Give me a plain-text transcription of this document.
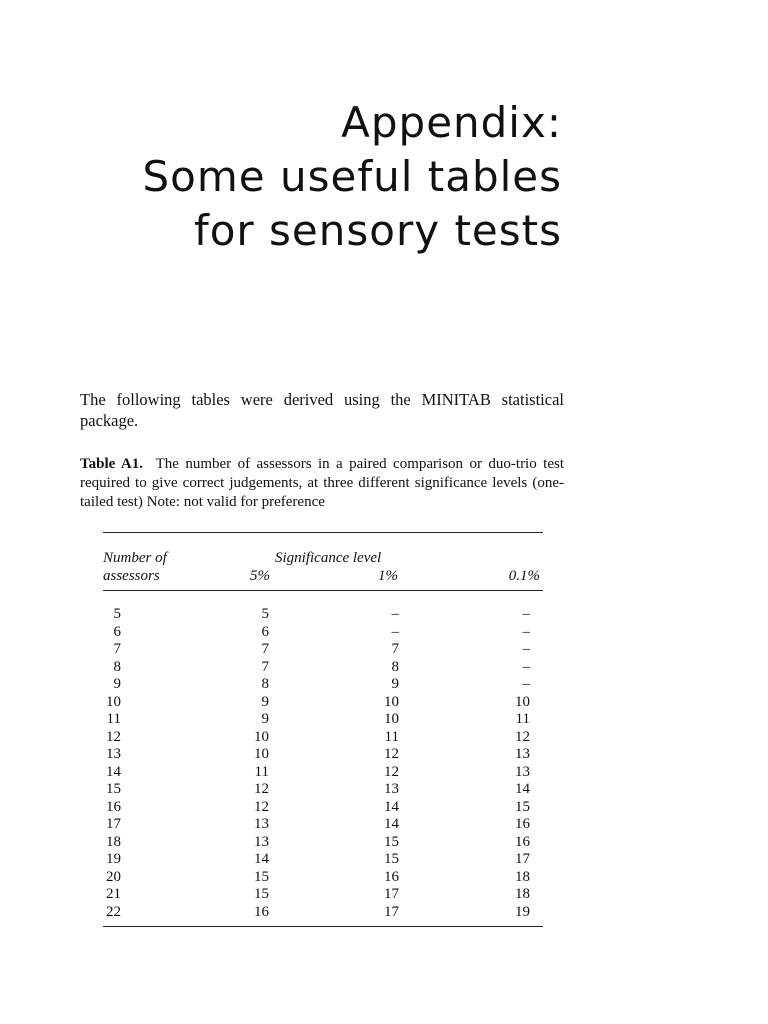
Appendix:
Some useful tables
for sensory tests

The following tables were derived using the MINITAB statistical package.

Table A1. The number of assessors in a paired comparison or duo-trio test required to give correct judgements, at three different significance levels (one-tailed test) Note: not valid for preference

Number of
assessors
Significance level
5%	1%	0.1%
5	5	–	–
6	6	–	–
7	7	7	–
8	7	8	–
9	8	9	–
10	9	10	10
11	9	10	11
12	10	11	12
13	10	12	13
14	11	12	13
15	12	13	14
16	12	14	15
17	13	14	16
18	13	15	16
19	14	15	17
20	15	16	18
21	15	17	18
22	16	17	19
